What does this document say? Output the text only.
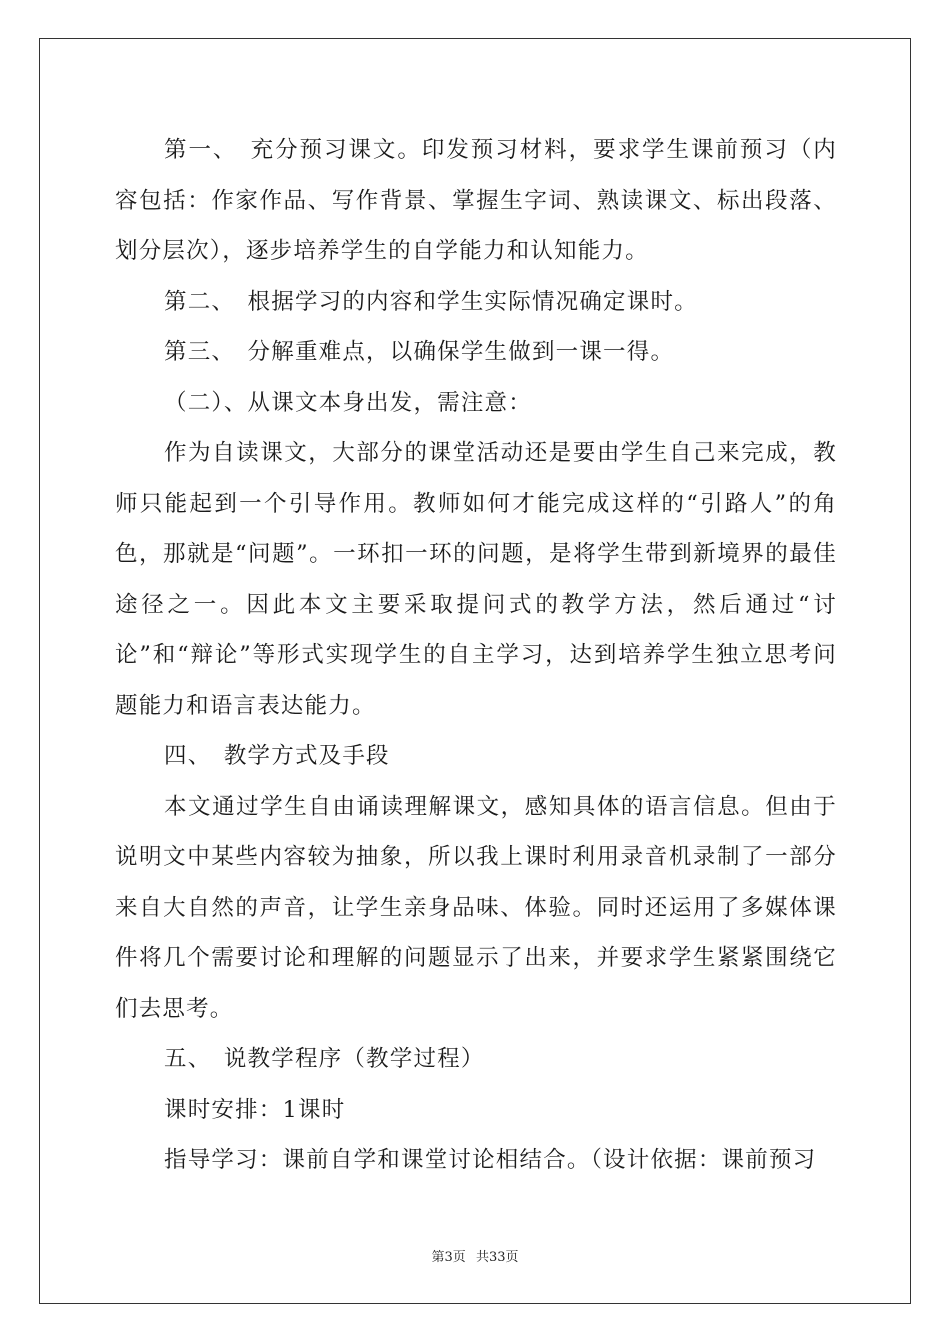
第一、　充分预习课文。印发预习材料，要求学生课前预习（内容包括：作家作品、写作背景、掌握生字词、熟读课文、标出段落、划分层次），逐步培养学生的自学能力和认知能力。

第二、　根据学习的内容和学生实际情况确定课时。

第三、　分解重难点，以确保学生做到一课一得。

（二）、从课文本身出发，需注意：

作为自读课文，大部分的课堂活动还是要由学生自己来完成，教师只能起到一个引导作用。教师如何才能完成这样的“引路人”的角色，那就是“问题”。一环扣一环的问题，是将学生带到新境界的最佳途径之一。因此本文主要采取提问式的教学方法，然后通过“讨论”和“辩论”等形式实现学生的自主学习，达到培养学生独立思考问题能力和语言表达能力。

四、　教学方式及手段

本文通过学生自由诵读理解课文，感知具体的语言信息。但由于说明文中某些内容较为抽象，所以我上课时利用录音机录制了一部分来自大自然的声音，让学生亲身品味、体验。同时还运用了多媒体课件将几个需要讨论和理解的问题显示了出来，并要求学生紧紧围绕它们去思考。

五、　说教学程序（教学过程）

课时安排：1课时

指导学习：课前自学和课堂讨论相结合。（设计依据：课前预习

第3页 共33页
